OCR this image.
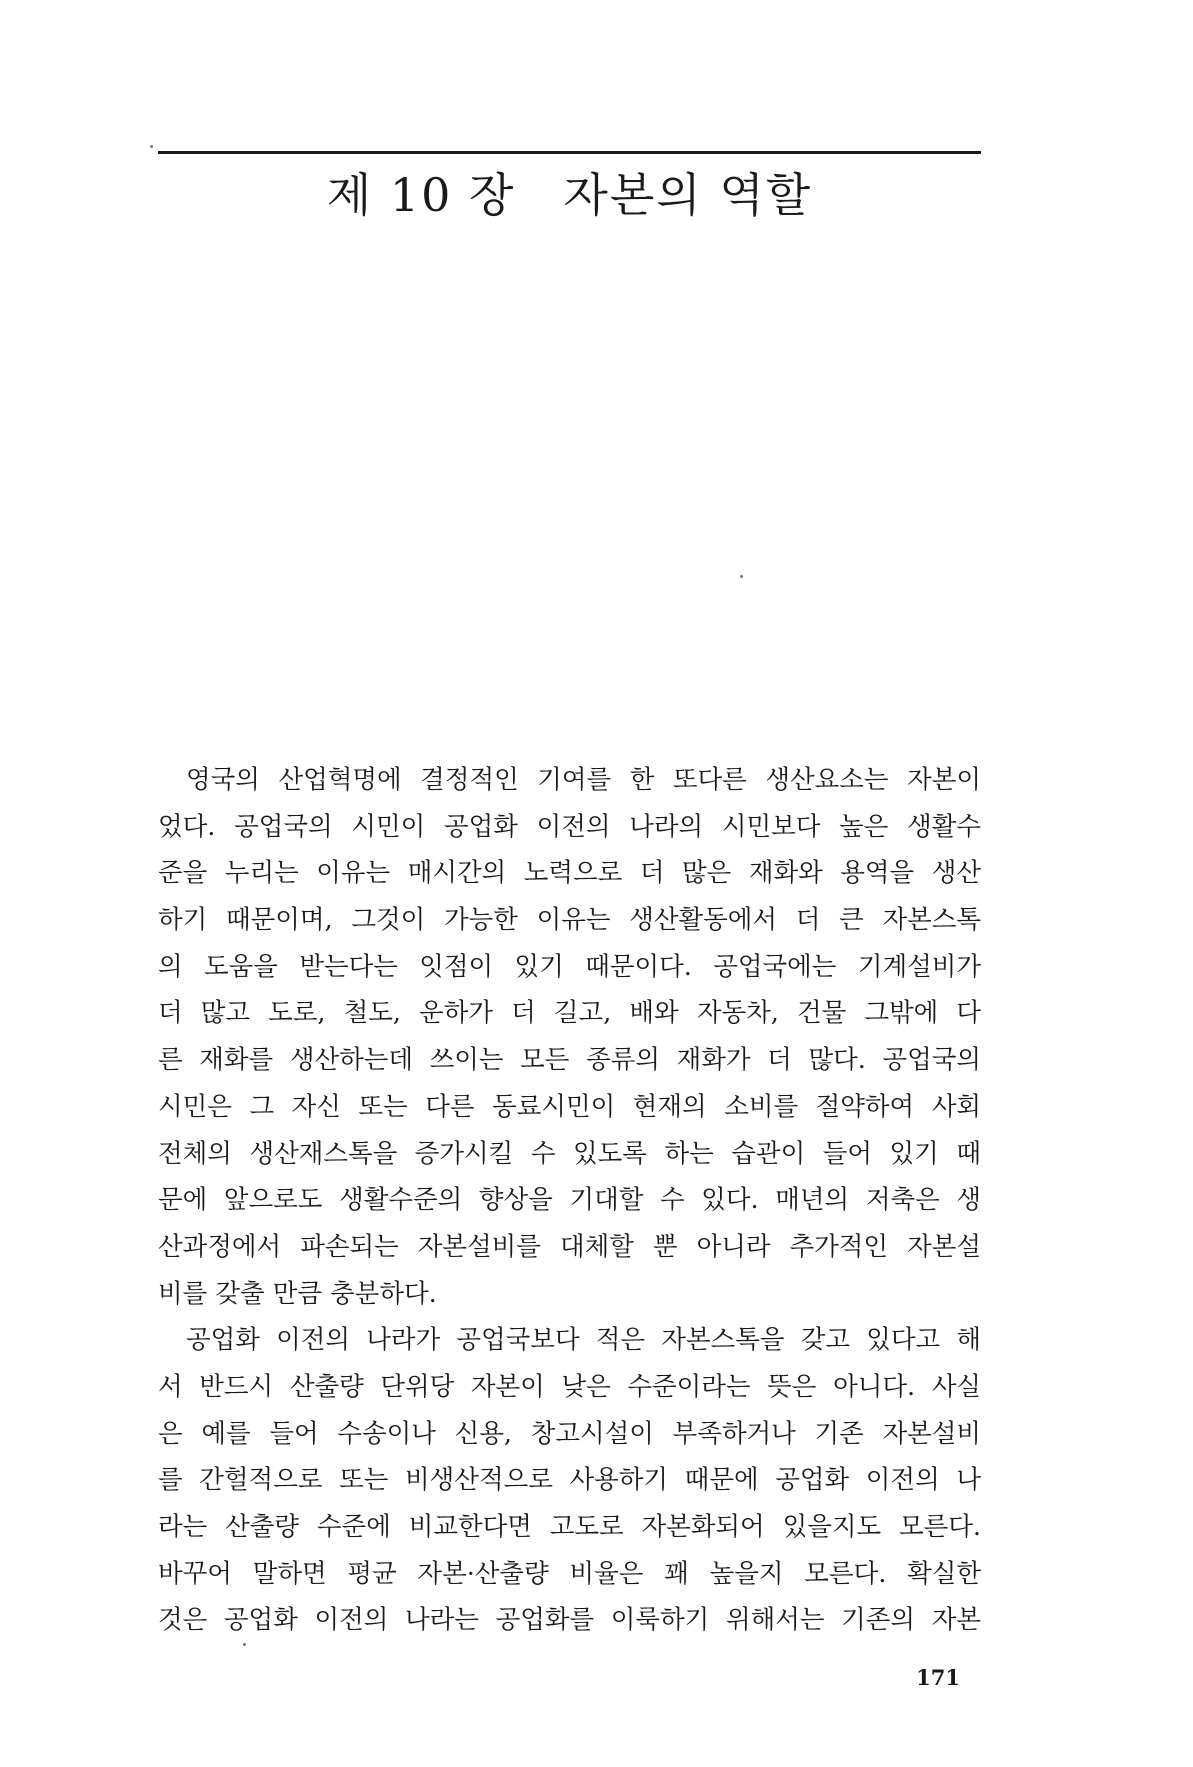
제 10 장 자본의 역할
영국의 산업혁명에 결정적인 기여를 한 또다른 생산요소는 자본이
었다. 공업국의 시민이 공업화 이전의 나라의 시민보다 높은 생활수
준을 누리는 이유는 매시간의 노력으로 더 많은 재화와 용역을 생산
하기 때문이며, 그것이 가능한 이유는 생산활동에서 더 큰 자본스톡
의 도움을 받는다는 잇점이 있기 때문이다. 공업국에는 기계설비가
더 많고 도로, 철도, 운하가 더 길고, 배와 자동차, 건물 그밖에 다
른 재화를 생산하는데 쓰이는 모든 종류의 재화가 더 많다. 공업국의
시민은 그 자신 또는 다른 동료시민이 현재의 소비를 절약하여 사회
전체의 생산재스톡을 증가시킬 수 있도록 하는 습관이 들어 있기 때
문에 앞으로도 생활수준의 향상을 기대할 수 있다. 매년의 저축은 생
산과정에서 파손되는 자본설비를 대체할 뿐 아니라 추가적인 자본설
비를 갖출 만큼 충분하다.
공업화 이전의 나라가 공업국보다 적은 자본스톡을 갖고 있다고 해
서 반드시 산출량 단위당 자본이 낮은 수준이라는 뜻은 아니다. 사실
은 예를 들어 수송이나 신용, 창고시설이 부족하거나 기존 자본설비
를 간헐적으로 또는 비생산적으로 사용하기 때문에 공업화 이전의 나
라는 산출량 수준에 비교한다면 고도로 자본화되어 있을지도 모른다.
바꾸어 말하면 평균 자본·산출량 비율은 꽤 높을지 모른다. 확실한
것은 공업화 이전의 나라는 공업화를 이룩하기 위해서는 기존의 자본
171
